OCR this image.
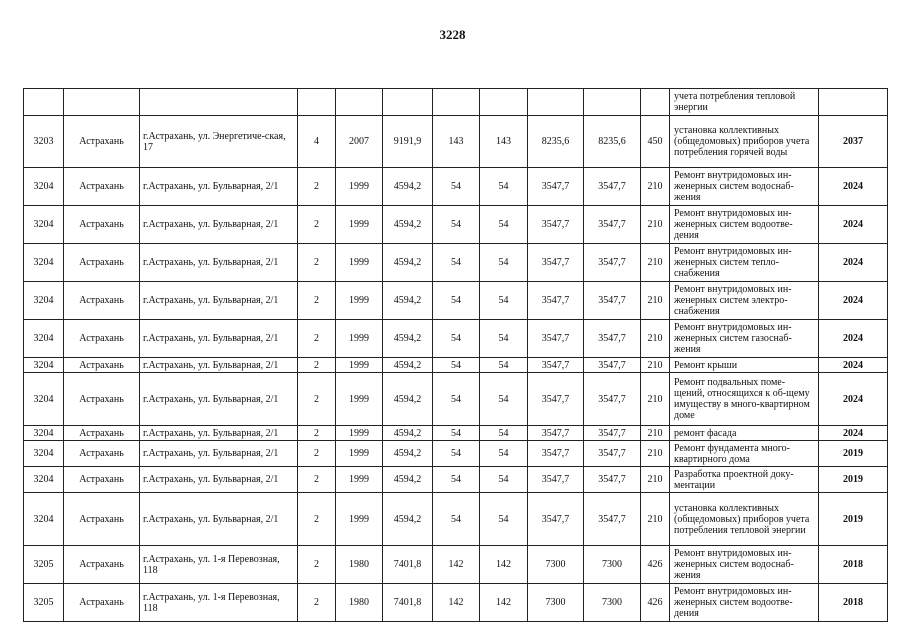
3228
											учета потребления тепловой энергии	
3203	Астрахань	г.Астрахань, ул. Энергетиче-ская, 17	4	2007	9191,9	143	143	8235,6	8235,6	450	установка коллективных (общедомовых) приборов учета потребления горячей воды	2037
3204	Астрахань	г.Астрахань, ул. Бульварная, 2/1	2	1999	4594,2	54	54	3547,7	3547,7	210	Ремонт внутридомовых ин-женерных систем водоснаб-жения	2024
3204	Астрахань	г.Астрахань, ул. Бульварная, 2/1	2	1999	4594,2	54	54	3547,7	3547,7	210	Ремонт внутридомовых ин-женерных систем водоотве-дения	2024
3204	Астрахань	г.Астрахань, ул. Бульварная, 2/1	2	1999	4594,2	54	54	3547,7	3547,7	210	Ремонт внутридомовых ин-женерных систем тепло-снабжения	2024
3204	Астрахань	г.Астрахань, ул. Бульварная, 2/1	2	1999	4594,2	54	54	3547,7	3547,7	210	Ремонт внутридомовых ин-женерных систем электро-снабжения	2024
3204	Астрахань	г.Астрахань, ул. Бульварная, 2/1	2	1999	4594,2	54	54	3547,7	3547,7	210	Ремонт внутридомовых ин-женерных систем газоснаб-жения	2024
3204	Астрахань	г.Астрахань, ул. Бульварная, 2/1	2	1999	4594,2	54	54	3547,7	3547,7	210	Ремонт крыши	2024
3204	Астрахань	г.Астрахань, ул. Бульварная, 2/1	2	1999	4594,2	54	54	3547,7	3547,7	210	Ремонт подвальных поме-щений, относящихся к об-щему имуществу в много-квартирном доме	2024
3204	Астрахань	г.Астрахань, ул. Бульварная, 2/1	2	1999	4594,2	54	54	3547,7	3547,7	210	ремонт фасада	2024
3204	Астрахань	г.Астрахань, ул. Бульварная, 2/1	2	1999	4594,2	54	54	3547,7	3547,7	210	Ремонт фундамента много-квартирного дома	2019
3204	Астрахань	г.Астрахань, ул. Бульварная, 2/1	2	1999	4594,2	54	54	3547,7	3547,7	210	Разработка проектной доку-ментации	2019
3204	Астрахань	г.Астрахань, ул. Бульварная, 2/1	2	1999	4594,2	54	54	3547,7	3547,7	210	установка коллективных (общедомовых) приборов учета потребления тепловой энергии	2019
3205	Астрахань	г.Астрахань, ул. 1-я Перевозная, 118	2	1980	7401,8	142	142	7300	7300	426	Ремонт внутридомовых ин-женерных систем водоснаб-жения	2018
3205	Астрахань	г.Астрахань, ул. 1-я Перевозная, 118	2	1980	7401,8	142	142	7300	7300	426	Ремонт внутридомовых ин-женерных систем водоотве-дения	2018
